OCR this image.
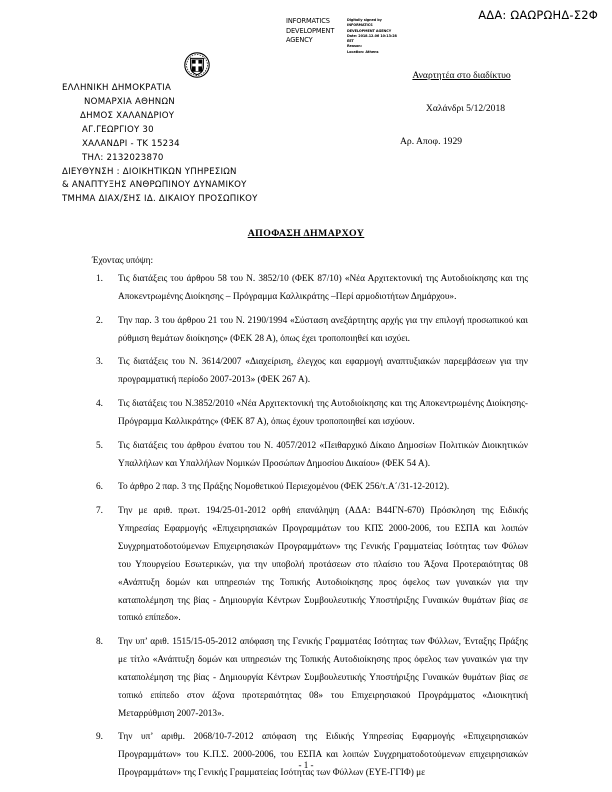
ΑΔΑ: ΩΑΩΡΩΗΔ-Σ2Φ
INFORMATICS DEVELOPMENT AGENCY
Digitally signed by
INFORMATICS
DEVELOPMENT AGENCY
Date: 2018.12.06 10:13:28
EET
Reason:
Location: Athens
ΕΛΛΗΝΙΚΗ ΔΗΜΟΚΡΑΤΙΑ
ΝΟΜΑΡΧΙΑ ΑΘΗΝΩΝ
ΔΗΜΟΣ ΧΑΛΑΝΔΡΙΟΥ
ΑΓ.ΓΕΩΡΓΙΟΥ 30
ΧΑΛΑΝΔΡΙ - ΤΚ 15234
ΤΗΛ: 2132023870
ΔΙΕΥΘΥΝΣΗ : ΔΙΟΙΚΗΤΙΚΩΝ ΥΠΗΡΕΣΙΩΝ
& ΑΝΑΠΤΥΞΗΣ ΑΝΘΡΩΠΙΝΟΥ ΔΥΝΑΜΙΚΟΥ
ΤΜΗΜΑ ΔΙΑΧ/ΣΗΣ ΙΔ. ΔΙΚΑΙΟΥ ΠΡΟΣΩΠΙΚΟΥ
Αναρτητέα στο διαδίκτυο
Χαλάνδρι 5/12/2018
Αρ. Αποφ. 1929
ΑΠΟΦΑΣΗ ΔΗΜΑΡΧΟΥ

Έχοντας υπόψη:

Τις διατάξεις του άρθρου 58 του Ν. 3852/10 (ΦΕΚ 87/10) «Νέα Αρχιτεκτονική της Αυτοδιοίκησης και της Αποκεντρωμένης Διοίκησης – Πρόγραμμα Καλλικράτης –Περί αρμοδιοτήτων Δημάρχου».
Την παρ. 3 του άρθρου 21 του Ν. 2190/1994 «Σύσταση ανεξάρτητης αρχής για την επιλογή προσωπικού και ρύθμιση θεμάτων διοίκησης» (ΦΕΚ 28 Α), όπως έχει τροποποιηθεί και ισχύει.
Τις διατάξεις του Ν. 3614/2007 «Διαχείριση, έλεγχος και εφαρμογή αναπτυξιακών παρεμβάσεων για την προγραμματική περίοδο 2007-2013» (ΦΕΚ 267 Α).
Τις διατάξεις του Ν.3852/2010 «Νέα Αρχιτεκτονική της Αυτοδιοίκησης και της Αποκεντρωμένης Διοίκησης- Πρόγραμμα Καλλικράτης» (ΦΕΚ 87 Α), όπως έχουν τροποποιηθεί και ισχύουν.
Τις διατάξεις του άρθρου ένατου του Ν. 4057/2012 «Πειθαρχικό Δίκαιο Δημοσίων Πολιτικών Διοικητικών Υπαλλήλων και Υπαλλήλων Νομικών Προσώπων Δημοσίου Δικαίου» (ΦΕΚ 54 Α).
Το άρθρο 2 παρ. 3 της Πράξης Νομοθετικού Περιεχομένου (ΦΕΚ 256/τ.Α΄/31-12-2012).
Την με αριθ. πρωτ. 194/25-01-2012 ορθή επανάληψη (ΑΔΑ: Β44ΓΝ-670) Πρόσκληση της Ειδικής Υπηρεσίας Εφαρμογής «Επιχειρησιακών Προγραμμάτων του ΚΠΣ 2000-2006, του ΕΣΠΑ και λοιπών Συγχρηματοδοτούμενων Επιχειρησιακών Προγραμμάτων» της Γενικής Γραμματείας Ισότητας των Φύλων του Υπουργείου Εσωτερικών, για την υποβολή προτάσεων στο πλαίσιο του Άξονα Προτεραιότητας 08 «Ανάπτυξη δομών και υπηρεσιών της Τοπικής Αυτοδιοίκησης προς όφελος των γυναικών για την καταπολέμηση της βίας - Δημιουργία Κέντρων Συμβουλευτικής Υποστήριξης Γυναικών θυμάτων βίας σε τοπικό επίπεδο».
Την υπ’ αριθ. 1515/15-05-2012 απόφαση της Γενικής Γραμματέας Ισότητας των Φύλλων, Ένταξης Πράξης με τίτλο «Ανάπτυξη δομών και υπηρεσιών της Τοπικής Αυτοδιοίκησης προς όφελος των γυναικών για την καταπολέμηση της βίας - Δημιουργία Κέντρων Συμβουλευτικής Υποστήριξης Γυναικών θυμάτων βίας σε τοπικό επίπεδο στον άξονα προτεραιότητας 08» του Επιχειρησιακού Προγράμματος «Διοικητική Μεταρρύθμιση 2007-2013».
Την υπ’ αριθμ. 2068/10-7-2012 απόφαση της Ειδικής Υπηρεσίας Εφαρμογής «Επιχειρησιακών Προγραμμάτων» του Κ.Π.Σ. 2000-2006, του ΕΣΠΑ και λοιπών Συγχρηματοδοτούμενων επιχειρησιακών Προγραμμάτων» της Γενικής Γραμματείας Ισότητας των Φύλλων (ΕΥΕ-ΓΓΙΦ) με
- 1 -
